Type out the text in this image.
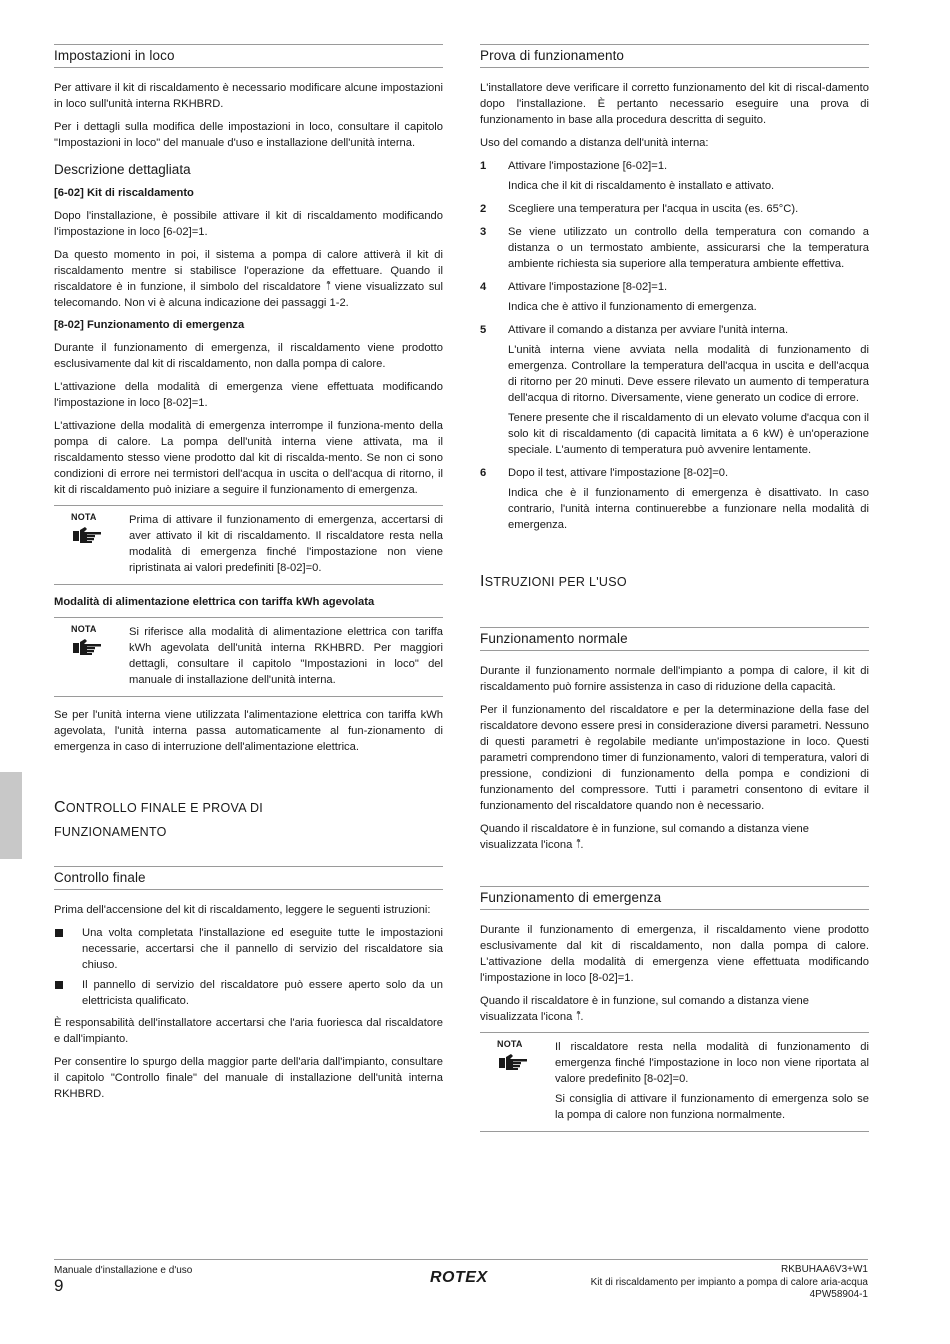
Impostazioni in loco

Per attivare il kit di riscaldamento è necessario modificare alcune impostazioni in loco sull'unità interna RKHBRD.

Per i dettagli sulla modifica delle impostazioni in loco, consultare il capitolo "Impostazioni in loco" del manuale d'uso e installazione dell'unità interna.

Descrizione dettagliata
[6-02] Kit di riscaldamento

Dopo l'installazione, è possibile attivare il kit di riscaldamento modificando l'impostazione in loco [6-02]=1.

Da questo momento in poi, il sistema a pompa di calore attiverà il kit di riscaldamento mentre si stabilisce l'operazione da effettuare. Quando il riscaldatore è in funzione, il simbolo del riscaldatore ᛏ͌ viene visualizzato sul telecomando. Non vi è alcuna indicazione dei passaggi 1-2.

[8-02] Funzionamento di emergenza

Durante il funzionamento di emergenza, il riscaldamento viene prodotto esclusivamente dal kit di riscaldamento, non dalla pompa di calore.

L'attivazione della modalità di emergenza viene effettuata modificando l'impostazione in loco [8-02]=1.

L'attivazione della modalità di emergenza interrompe il funziona-mento della pompa di calore. La pompa dell'unità interna viene attivata, ma il riscaldamento stesso viene prodotto dal kit di riscalda-mento. Se non ci sono condizioni di errore nei termistori dell'acqua in uscita o dell'acqua di ritorno, il kit di riscaldamento può iniziare a seguire il funzionamento di emergenza.

NOTA	Prima di attivare il funzionamento di emergenza, accertarsi di aver attivato il kit di riscaldamento. Il riscaldatore resta nella modalità di emergenza finché l'impostazione non viene ripristinata ai valori predefiniti [8-02]=0.

Modalità di alimentazione elettrica con tariffa kWh agevolata
NOTA	Si riferisce alla modalità di alimentazione elettrica con tariffa kWh agevolata dell'unità interna RKHBRD. Per maggiori dettagli, consultare il capitolo "Impostazioni in loco" del manuale di installazione dell'unità interna.

Se per l'unità interna viene utilizzata l'alimentazione elettrica con tariffa kWh agevolata, l'unità interna passa automaticamente al fun-zionamento di emergenza in caso di interruzione dell'alimentazione elettrica.

CONTROLLO FINALE E PROVA DI
FUNZIONAMENTO
Controllo finale

Prima dell'accensione del kit di riscaldamento, leggere le seguenti istruzioni:

Una volta completata l'installazione ed eseguite tutte le impostazioni necessarie, accertarsi che il pannello di servizio del riscaldatore sia chiuso.

Il pannello di servizio del riscaldatore può essere aperto solo da un elettricista qualificato.

È responsabilità dell'installatore accertarsi che l'aria fuoriesca dal riscaldatore e dall'impianto.

Per consentire lo spurgo della maggior parte dell'aria dall'impianto, consultare il capitolo "Controllo finale" del manuale di installazione dell'unità interna RKHBRD.

Prova di funzionamento

L'installatore deve verificare il corretto funzionamento del kit di riscal-damento dopo l'installazione. È pertanto necessario eseguire una prova di funzionamento in base alla procedura descritta di seguito.

Uso del comando a distanza dell'unità interna:

1 Attivare l'impostazione [6-02]=1.

Indica che il kit di riscaldamento è installato e attivato.

2 Scegliere una temperatura per l'acqua in uscita (es. 65°C).

3 Se viene utilizzato un controllo della temperatura con comando a distanza o un termostato ambiente, assicurarsi che la temperatura ambiente richiesta sia superiore alla temperatura ambiente effettiva.

4 Attivare l'impostazione [8-02]=1.

Indica che è attivo il funzionamento di emergenza.

5 Attivare il comando a distanza per avviare l'unità interna.

L'unità interna viene avviata nella modalità di funzionamento di emergenza. Controllare la temperatura dell'acqua in uscita e dell'acqua di ritorno per 20 minuti. Deve essere rilevato un aumento di temperatura dell'acqua di ritorno. Diversamente, viene generato un codice di errore.

Tenere presente che il riscaldamento di un elevato volume d'acqua con il solo kit di riscaldamento (di capacità limitata a 6 kW) è un'operazione speciale. L'aumento di temperatura può avvenire lentamente.

6 Dopo il test, attivare l'impostazione [8-02]=0.

Indica che è il funzionamento di emergenza è disattivato. In caso contrario, l'unità interna continuerebbe a funzionare nella modalità di emergenza.

ISTRUZIONI PER L'USO
Funzionamento normale

Durante il funzionamento normale dell'impianto a pompa di calore, il kit di riscaldamento può fornire assistenza in caso di riduzione della capacità.

Per il funzionamento del riscaldatore e per la determinazione della fase del riscaldatore devono essere presi in considerazione diversi parametri. Nessuno di questi parametri è regolabile mediante un'impostazione in loco. Questi parametri comprendono timer di funzionamento, valori di temperatura, valori di pressione, condizioni di funzionamento della pompa e condizioni di funzionamento del compressore. Tutti i parametri consentono di evitare il funzionamento del riscaldatore quando non è necessario.

Quando il riscaldatore è in funzione, sul comando a distanza viene visualizzata l'icona ᛏ͌.

Funzionamento di emergenza

Durante il funzionamento di emergenza, il riscaldamento viene prodotto esclusivamente dal kit di riscaldamento, non dalla pompa di calore. L'attivazione della modalità di emergenza viene effettuata modificando l'impostazione in loco [8-02]=1.

Quando il riscaldatore è in funzione, sul comando a distanza viene visualizzata l'icona ᛏ͌.

NOTA	Il riscaldatore resta nella modalità di funzionamento di emergenza finché l'impostazione in loco non viene riportata al valore predefinito [8-02]=0.

Si consiglia di attivare il funzionamento di emergenza solo se la pompa di calore non funziona normalmente.

Manuale d'installazione e d'uso
9	ROTEX	RKBUHAA6V3+W1
Kit di riscaldamento per impianto a pompa di calore aria-acqua
4PW58904-1
